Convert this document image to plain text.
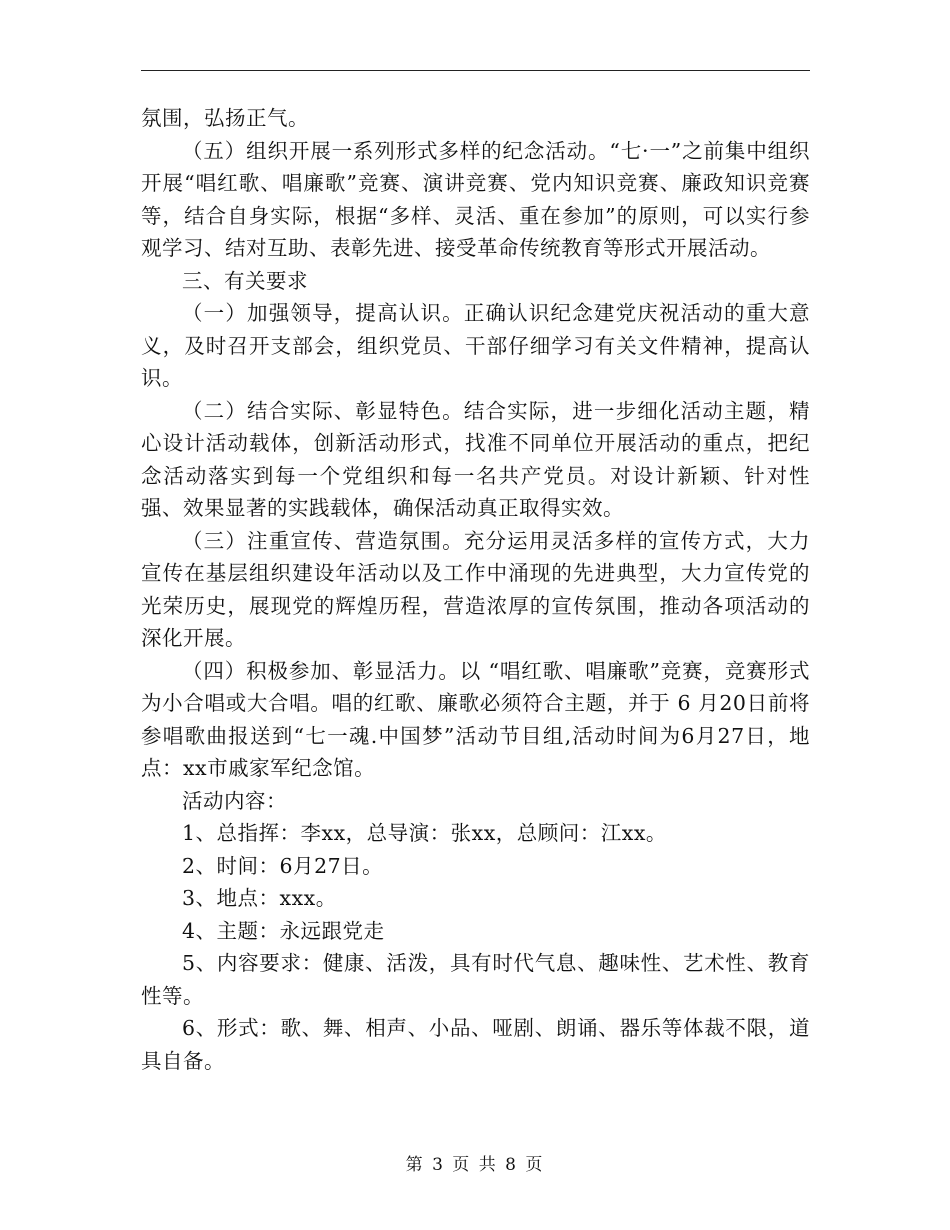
氛围，弘扬正气。

（五）组织开展一系列形式多样的纪念活动。“七·一”之前集中组织开展“唱红歌、唱廉歌”竞赛、演讲竞赛、党内知识竞赛、廉政知识竞赛等，结合自身实际，根据“多样、灵活、重在参加”的原则，可以实行参观学习、结对互助、表彰先进、接受革命传统教育等形式开展活动。

三、有关要求

（一）加强领导，提高认识。正确认识纪念建党庆祝活动的重大意义，及时召开支部会，组织党员、干部仔细学习有关文件精神，提高认识。

（二）结合实际、彰显特色。结合实际，进一步细化活动主题，精心设计活动载体，创新活动形式，找准不同单位开展活动的重点，把纪念活动落实到每一个党组织和每一名共产党员。对设计新颖、针对性强、效果显著的实践载体，确保活动真正取得实效。

（三）注重宣传、营造氛围。充分运用灵活多样的宣传方式，大力宣传在基层组织建设年活动以及工作中涌现的先进典型，大力宣传党的光荣历史，展现党的辉煌历程，营造浓厚的宣传氛围，推动各项活动的深化开展。

（四）积极参加、彰显活力。以 “唱红歌、唱廉歌”竞赛，竞赛形式为小合唱或大合唱。唱的红歌、廉歌必须符合主题，并于 6 月20日前将参唱歌曲报送到“七一魂.中国梦”活动节目组,活动时间为6月27日，地点：xx市戚家军纪念馆。

活动内容：

1、总指挥：李xx，总导演：张xx，总顾问：江xx。

2、时间：6月27日。

3、地点：xxx。

4、主题：永远跟党走

5、内容要求：健康、活泼，具有时代气息、趣味性、艺术性、教育性等。

6、形式：歌、舞、相声、小品、哑剧、朗诵、器乐等体裁不限，道具自备。

第 3 页 共 8 页
